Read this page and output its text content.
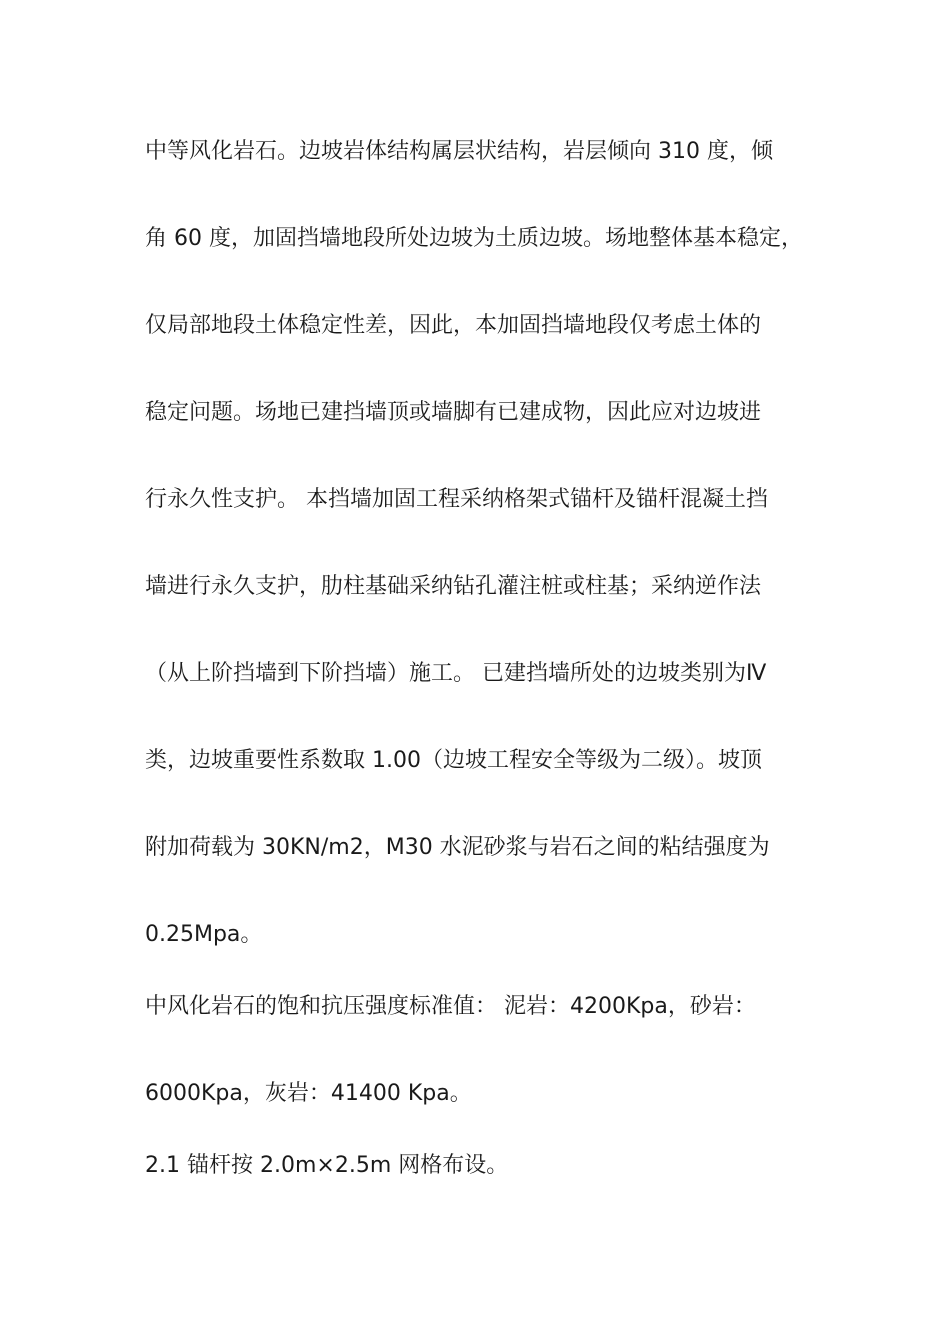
中等风化岩石。边坡岩体结构属层状结构，岩层倾向 310 度，倾
角 60 度，加固挡墙地段所处边坡为土质边坡。场地整体基本稳定，
仅局部地段土体稳定性差，因此，本加固挡墙地段仅考虑土体的
稳定问题。场地已建挡墙顶或墙脚有已建成物，因此应对边坡进
行永久性支护。 本挡墙加固工程采纳格架式锚杆及锚杆混凝土挡
墙进行永久支护，肋柱基础采纳钻孔灌注桩或柱基；采纳逆作法
（从上阶挡墙到下阶挡墙）施工。 已建挡墙所处的边坡类别为Ⅳ
类，边坡重要性系数取 1.00（边坡工程安全等级为二级）。坡顶
附加荷载为 30KN/m2，M30 水泥砂浆与岩石之间的粘结强度为
0.25Mpa。
中风化岩石的饱和抗压强度标准值： 泥岩：4200Kpa，砂岩：
6000Kpa，灰岩：41400 Kpa。
2.1 锚杆按 2.0m×2.5m 网格布设。
